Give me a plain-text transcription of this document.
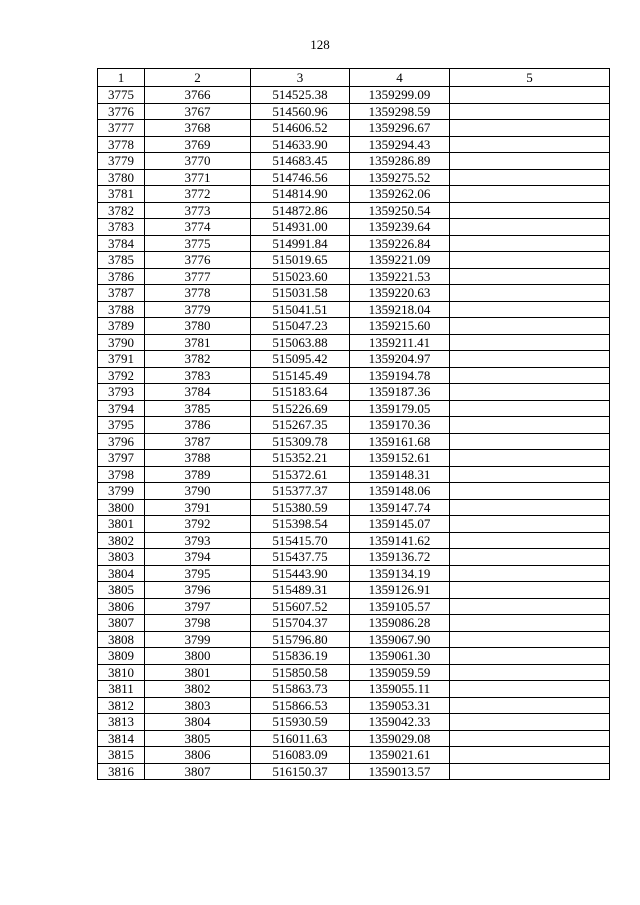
128
1	2	3	4	5
3775	3766	514525.38	1359299.09	
3776	3767	514560.96	1359298.59	
3777	3768	514606.52	1359296.67	
3778	3769	514633.90	1359294.43	
3779	3770	514683.45	1359286.89	
3780	3771	514746.56	1359275.52	
3781	3772	514814.90	1359262.06	
3782	3773	514872.86	1359250.54	
3783	3774	514931.00	1359239.64	
3784	3775	514991.84	1359226.84	
3785	3776	515019.65	1359221.09	
3786	3777	515023.60	1359221.53	
3787	3778	515031.58	1359220.63	
3788	3779	515041.51	1359218.04	
3789	3780	515047.23	1359215.60	
3790	3781	515063.88	1359211.41	
3791	3782	515095.42	1359204.97	
3792	3783	515145.49	1359194.78	
3793	3784	515183.64	1359187.36	
3794	3785	515226.69	1359179.05	
3795	3786	515267.35	1359170.36	
3796	3787	515309.78	1359161.68	
3797	3788	515352.21	1359152.61	
3798	3789	515372.61	1359148.31	
3799	3790	515377.37	1359148.06	
3800	3791	515380.59	1359147.74	
3801	3792	515398.54	1359145.07	
3802	3793	515415.70	1359141.62	
3803	3794	515437.75	1359136.72	
3804	3795	515443.90	1359134.19	
3805	3796	515489.31	1359126.91	
3806	3797	515607.52	1359105.57	
3807	3798	515704.37	1359086.28	
3808	3799	515796.80	1359067.90	
3809	3800	515836.19	1359061.30	
3810	3801	515850.58	1359059.59	
3811	3802	515863.73	1359055.11	
3812	3803	515866.53	1359053.31	
3813	3804	515930.59	1359042.33	
3814	3805	516011.63	1359029.08	
3815	3806	516083.09	1359021.61	
3816	3807	516150.37	1359013.57	
